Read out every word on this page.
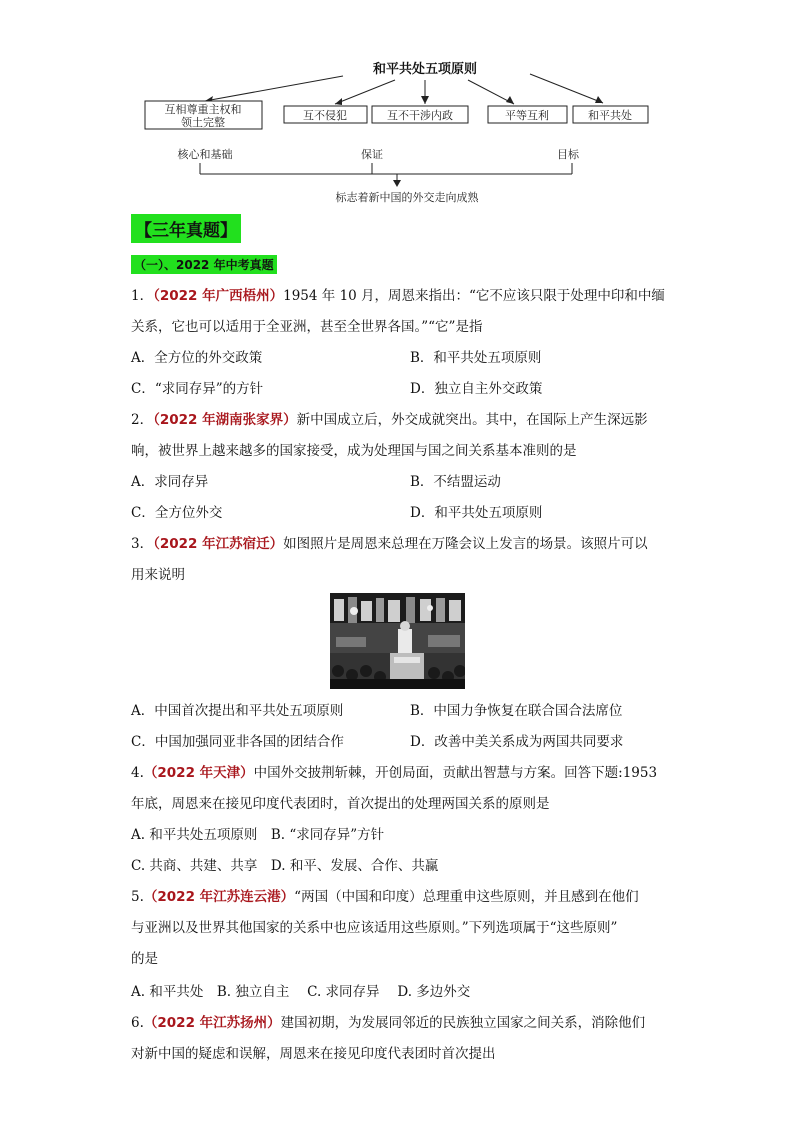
和平共处五项原则
互相尊重主权和
领土完整
互不侵犯	互不干涉内政	平等互利	和平共处
核心和基础	保证	目标
标志着新中国的外交走向成熟
【三年真题】
（一）、2022 年中考真题
1．（2022 年广西梧州）1954 年 10 月，周恩来指出：“它不应该只限于处理中印和中缅
关系，它也可以适用于全亚洲，甚至全世界各国。”“它”是指
A．全方位的外交政策	B．和平共处五项原则
C．“求同存异”的方针	D．独立自主外交政策
2．（2022 年湖南张家界）新中国成立后，外交成就突出。其中，在国际上产生深远影
响，被世界上越来越多的国家接受，成为处理国与国之间关系基本准则的是
A．求同存异	B．不结盟运动
C．全方位外交	D．和平共处五项原则
3．（2022 年江苏宿迁）如图照片是周恩来总理在万隆会议上发言的场景。该照片可以
用来说明
A．中国首次提出和平共处五项原则	B．中国力争恢复在联合国合法席位
C．中国加强同亚非各国的团结合作	D．改善中美关系成为两国共同要求
4.（2022 年天津）中国外交披荆斩棘，开创局面，贡献出智慧与方案。回答下题:1953
年底，周恩来在接见印度代表团时，首次提出的处理两国关系的原则是
A. 和平共处五项原则　B. “求同存异”方针
C. 共商、共建、共享　D. 和平、发展、合作、共赢
5.（2022 年江苏连云港）“两国（中国和印度）总理重申这些原则，并且感到在他们
与亚洲以及世界其他国家的关系中也应该适用这些原则。”下列选项属于“这些原则”
的是
A. 和平共处　B. 独立自主　 C. 求同存异　 D. 多边外交
6.（2022 年江苏扬州）建国初期，为发展同邻近的民族独立国家之间关系，消除他们
对新中国的疑虑和误解，周恩来在接见印度代表团时首次提出
